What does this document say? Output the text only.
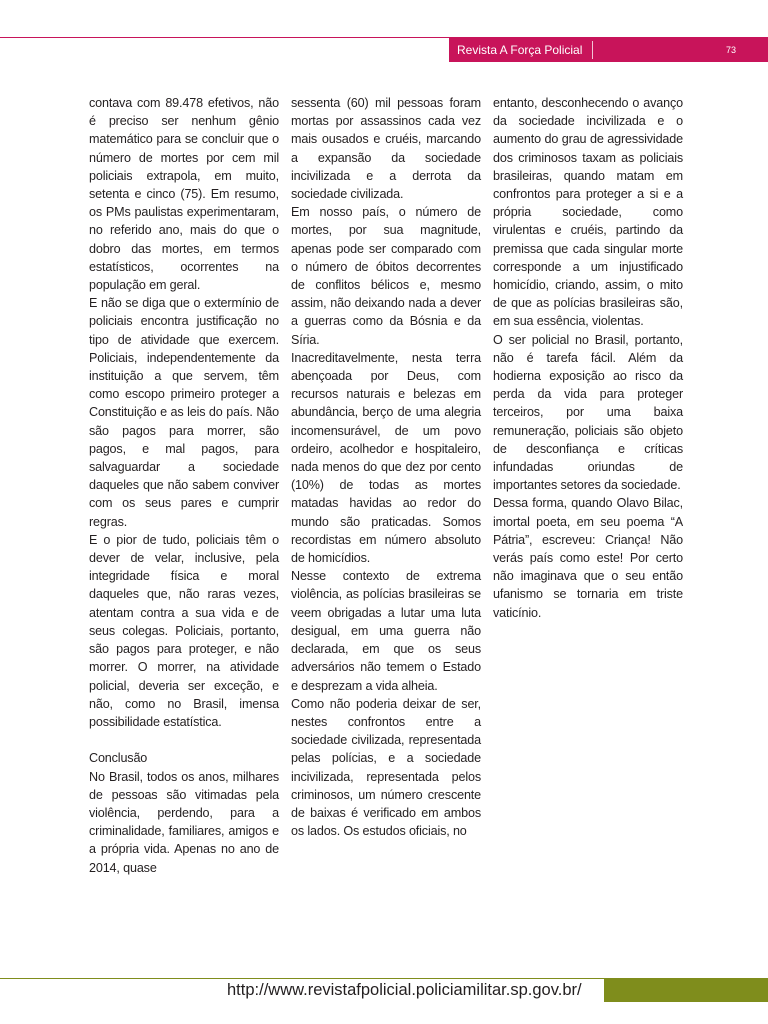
Revista A Força Policial	73

contava com 89.478 efetivos, não é preciso ser nenhum gênio matemático para se concluir que o número de mortes por cem mil policiais extrapola, em muito, setenta e cinco (75). Em resumo, os PMs paulistas experimentaram, no referido ano, mais do que o dobro das mortes, em termos estatísticos, ocorrentes na população em geral.

E não se diga que o extermínio de policiais encontra justificação no tipo de atividade que exercem. Policiais, independentemente da instituição a que servem, têm como escopo primeiro proteger a Constituição e as leis do país. Não são pagos para morrer, são pagos, e mal pagos, para salvaguardar a sociedade daqueles que não sabem conviver com os seus pares e cumprir regras.

E o pior de tudo, policiais têm o dever de velar, inclusive, pela integridade física e moral daqueles que, não raras vezes, atentam contra a sua vida e de seus colegas. Policiais, portanto, são pagos para proteger, e não morrer. O morrer, na atividade policial, deveria ser exceção, e não, como no Brasil, imensa possibilidade estatística.

Conclusão

No Brasil, todos os anos, milhares de pessoas são vitimadas pela violência, perdendo, para a criminalidade, familiares, amigos e a própria vida. Apenas no ano de 2014, quase

sessenta (60) mil pessoas foram mortas por assassinos cada vez mais ousados e cruéis, marcando a expansão da sociedade incivilizada e a derrota da sociedade civilizada.

Em nosso país, o número de mortes, por sua magnitude, apenas pode ser comparado com o número de óbitos decorrentes de conflitos bélicos e, mesmo assim, não deixando nada a dever a guerras como da Bósnia e da Síria.

Inacreditavelmente, nesta terra abençoada por Deus, com recursos naturais e belezas em abundância, berço de uma alegria incomensurável, de um povo ordeiro, acolhedor e hospitaleiro, nada menos do que dez por cento (10%) de todas as mortes matadas havidas ao redor do mundo são praticadas. Somos recordistas em número absoluto de homicídios.

Nesse contexto de extrema violência, as polícias brasileiras se veem obrigadas a lutar uma luta desigual, em uma guerra não declarada, em que os seus adversários não temem o Estado e desprezam a vida alheia.

Como não poderia deixar de ser, nestes confrontos entre a sociedade civilizada, representada pelas polícias, e a sociedade incivilizada, representada pelos criminosos, um número crescente de baixas é verificado em ambos os lados. Os estudos oficiais, no

entanto, desconhecendo o avanço da sociedade incivilizada e o aumento do grau de agressividade dos criminosos taxam as policiais brasileiras, quando matam em confrontos para proteger a si e a própria sociedade, como virulentas e cruéis, partindo da premissa que cada singular morte corresponde a um injustificado homicídio, criando, assim, o mito de que as polícias brasileiras são, em sua essência, violentas.

O ser policial no Brasil, portanto, não é tarefa fácil. Além da hodierna exposição ao risco da perda da vida para proteger terceiros, por uma baixa remuneração, policiais são objeto de desconfiança e críticas infundadas oriundas de importantes setores da sociedade.

Dessa forma, quando Olavo Bilac, imortal poeta, em seu poema “A Pátria”, escreveu: Criança! Não verás país como este! Por certo não imaginava que o seu então ufanismo se tornaria em triste vaticínio.

http://www.revistafpolicial.policiamilitar.sp.gov.br/
